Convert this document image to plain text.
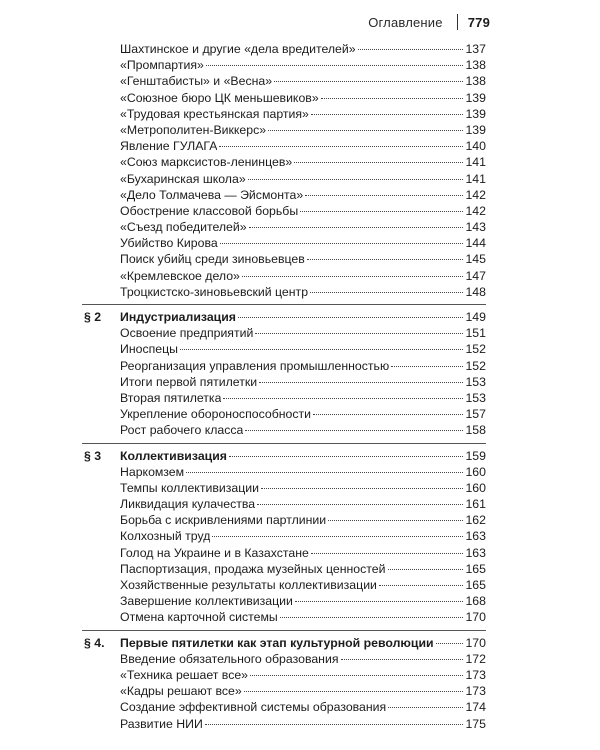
Оглавление 779
Шахтинское и другие «дела вредителей»	137
«Промпартия»	138
«Генштабисты» и «Весна»	138
«Союзное бюро ЦК меньшевиков»	139
«Трудовая крестьянская партия»	139
«Метрополитен-Виккерс»	139
Явление ГУЛАГА	140
«Союз марксистов-ленинцев»	141
«Бухаринская школа»	141
«Дело Толмачева — Эйсмонта»	142
Обострение классовой борьбы	142
«Съезд победителей»	143
Убийство Кирова	144
Поиск убийц среди зиновьевцев	145
«Кремлевское дело»	147
Троцкистско-зиновьевский центр	148
§ 2	Индустриализация	149
Освоение предприятий	151
Иноспецы	152
Реорганизация управления промышленностью	152
Итоги первой пятилетки	153
Вторая пятилетка	153
Укрепление обороноспособности	157
Рост рабочего класса	158
§ 3	Коллективизация	159
Наркомзем	160
Темпы коллективизации	160
Ликвидация кулачества	161
Борьба с искривлениями партлинии	162
Колхозный труд	163
Голод на Украине и в Казахстане	163
Паспортизация, продажа музейных ценностей	165
Хозяйственные результаты коллективизации	165
Завершение коллективизации	168
Отмена карточной системы	170
§ 4.	Первые пятилетки как этап культурной революции	170
Введение обязательного образования	172
«Техника решает все»	173
«Кадры решают все»	173
Создание эффективной системы образования	174
Развитие НИИ	175
